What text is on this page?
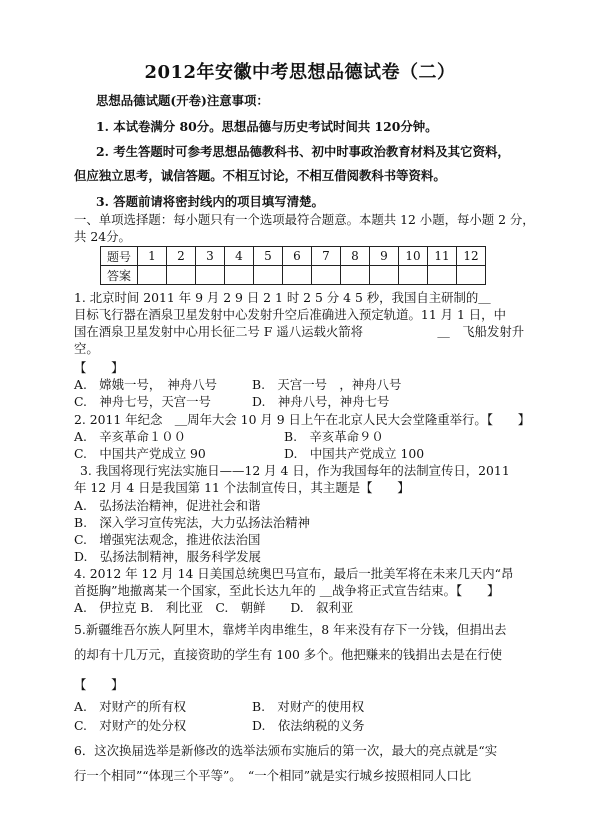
2012年安徽中考思想品德试卷（二）
思想品德试题(开卷)注意事项：
1. 本试卷满分 80分。思想品德与历史考试时间共 120分钟。
2. 考生答题时可参考思想品德教科书、初中时事政治教育材料及其它资料，
但应独立思考，诚信答题。不相互讨论，不相互借阅教科书等资料。
3. 答题前请将密封线内的项目填写清楚。
一、单项选择题：每小题只有一个选项最符合题意。本题共 12 小题，每小题 2 分，
共 24分。
题号	1	2	3	4	5	6	7	8	9	10	11	12
答案												
1. 北京时间 2011 年 9 月 2 9 日 2 1 时 2 5 分 4 5 秒，我国自主研制的＿
目标飞行器在酒泉卫星发射中心发射升空后准确进入预定轨道。11 月 1 日，中
国在酒泉卫星发射中心用长征二号 F 遥八运载火箭将　　　　　　＿　飞船发射升
空。
【　　】
A.　嫦娥一号，　神舟八号	B.　天宫一号　，神舟八号
C.　神舟七号，天宫一号	D.　神舟八号，神舟七号
2. 2011 年纪念　＿周年大会 10 月 9 日上午在北京人民大会堂隆重举行。【　　】
A.　辛亥革命１００	B.　辛亥革命９０
C.　中国共产党成立 90	D.　中国共产党成立 100
3. 我国将现行宪法实施日——12 月 4 日，作为我国每年的法制宣传日，2011
年 12 月 4 日是我国第 11 个法制宣传日，其主题是【　　】
A.　弘扬法治精神，促进社会和谐
B.　深入学习宣传宪法，大力弘扬法治精神
C.　增强宪法观念，推进依法治国
D.　弘扬法制精神，服务科学发展
4. 2012 年 12 月 14 日美国总统奥巴马宣布，最后一批美军将在未来几天内“昂
首挺胸”地撤离某一个国家，至此长达九年的 ＿战争将正式宣告结束。【　　】
A.　伊拉克 B.　利比亚　C.　朝鲜　　D.　叙利亚
5.新疆维吾尔族人阿里木，靠烤羊肉串维生，8 年来没有存下一分钱，但捐出去
的却有十几万元，直接资助的学生有 100 多个。他把赚来的钱捐出去是在行使
【　　】
A.　对财产的所有权	B.　对财产的使用权
C.　对财产的处分权	D.　依法纳税的义务
6．这次换届选举是新修改的选举法颁布实施后的第一次，最大的亮点就是“实
行一个相同”“体现三个平等”。　“一个相同”就是实行城乡按照相同人口比
